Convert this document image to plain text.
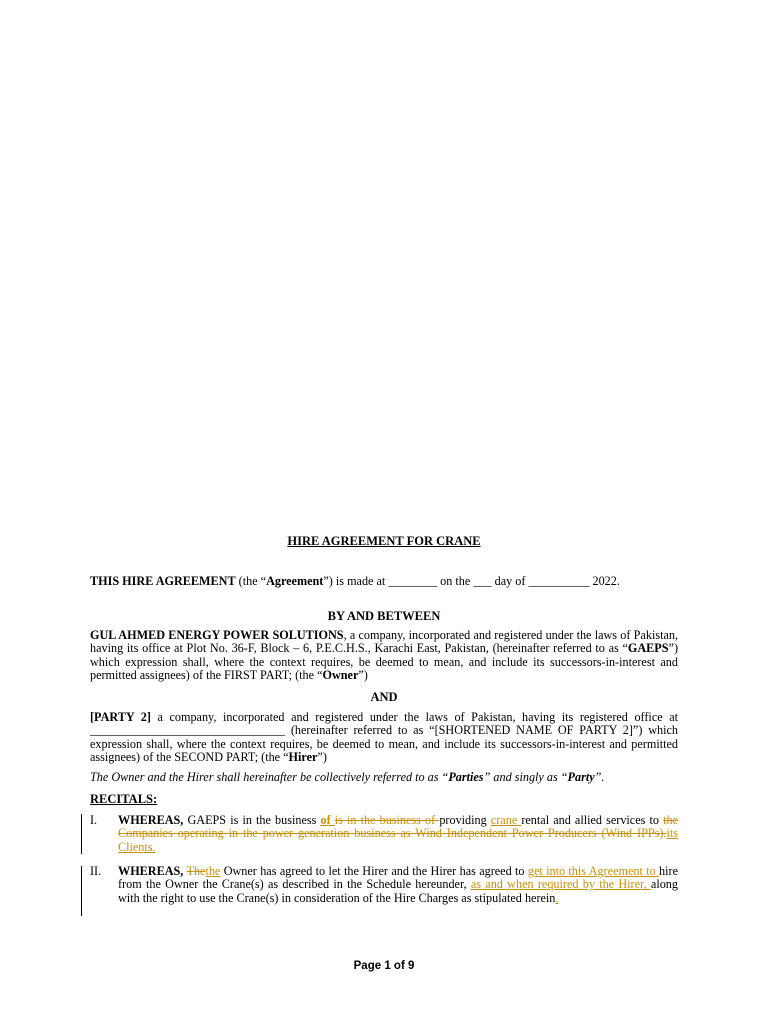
HIRE AGREEMENT FOR CRANE
THIS HIRE AGREEMENT (the “Agreement”) is made at ________ on the ___ day of __________ 2022.
BY AND BETWEEN
GUL AHMED ENERGY POWER SOLUTIONS, a company, incorporated and registered under the laws of Pakistan, having its office at Plot No. 36-F, Block – 6, P.E.C.H.S., Karachi East, Pakistan, (hereinafter referred to as “GAEPS”) which expression shall, where the context requires, be deemed to mean, and include its successors-in-interest and permitted assignees) of the FIRST PART; (the “Owner”)
AND
[PARTY 2] a company, incorporated and registered under the laws of Pakistan, having its registered office at ________________________________ (hereinafter referred to as “[SHORTENED NAME OF PARTY 2]”) which expression shall, where the context requires, be deemed to mean, and include its successors-in-interest and permitted assignees) of the SECOND PART; (the “Hirer”)
The Owner and the Hirer shall hereinafter be collectively referred to as “Parties” and singly as “Party”.
RECITALS:
I.	WHEREAS, GAEPS is in the business of is in the business of providing crane rental and allied services to the Companies operating in the power generation business as Wind Independent Power Producers (Wind IPPs).its Clients.
II.	WHEREAS, Thethe Owner has agreed to let the Hirer and the Hirer has agreed to get into this Agreement to hire from the Owner the Crane(s) as described in the Schedule hereunder, as and when required by the Hirer, along with the right to use the Crane(s) in consideration of the Hire Charges as stipulated herein.
Page 1 of 9
